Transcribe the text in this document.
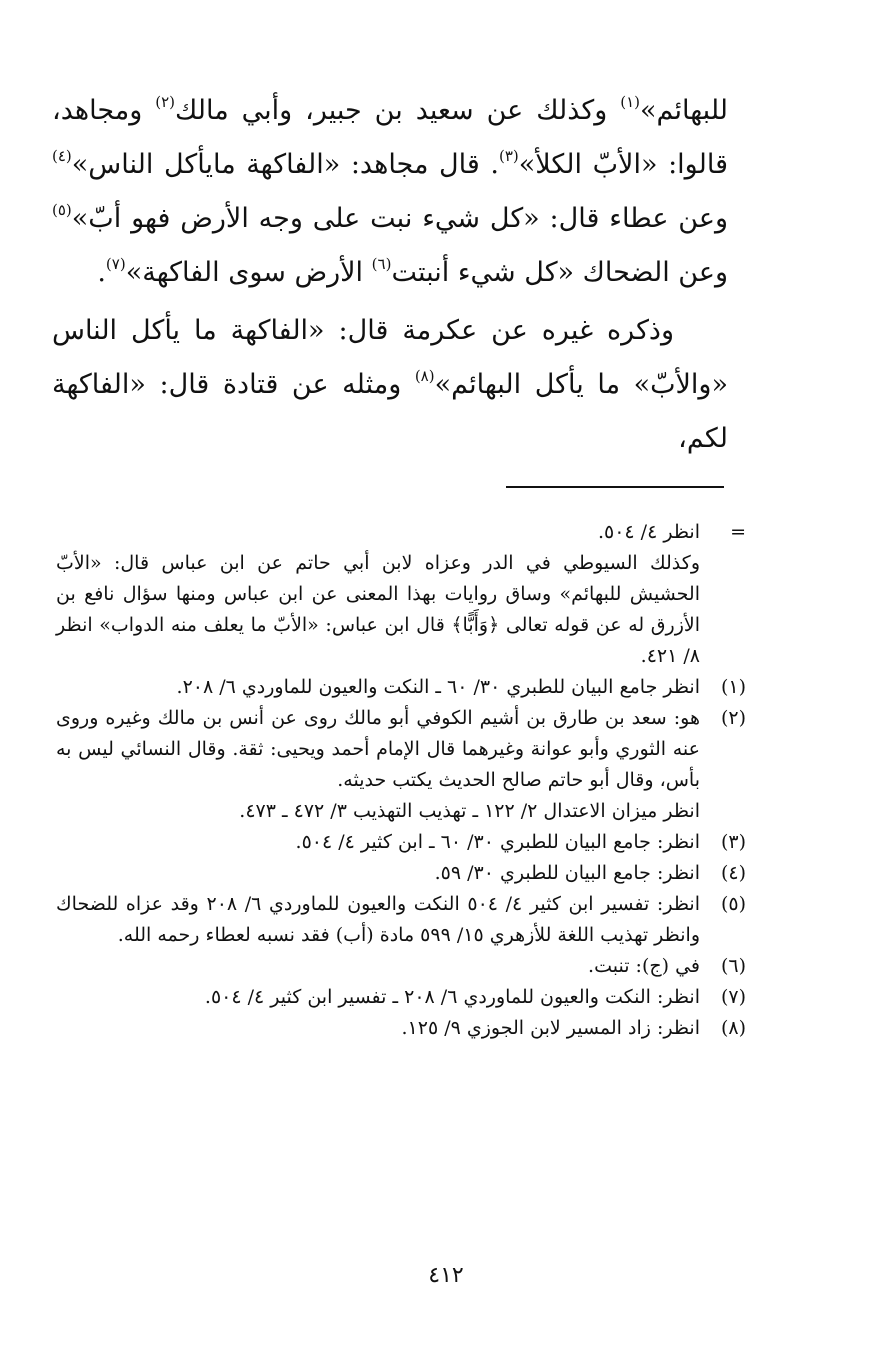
للبهائم»$^{(١)}$ وكذلك عن سعيد بن جبير، وأبي مالك$^{(٢)}$ ومجاهد، قالوا: «الأبّ الكلأ»$^{(٣)}$. قال مجاهد: «الفاكهة مايأكل الناس»$^{(٤)}$ وعن عطاء قال: «كل شيء نبت على وجه الأرض فهو أبّ»$^{(٥)}$ وعن الضحاك «كل شيء أنبتت$^{(٦)}$ الأرض سوى الفاكهة»$^{(٧)}$.

  وذكره غيره عن عكرمة قال: «الفاكهة ما يأكل الناس «والأبّ» ما يأكل البهائم»$^{(٨)}$ ومثله عن قتادة قال: «الفاكهة لكم،

=
انظر ٤/ ٥٠٤.
وكذلك السيوطي في الدر وعزاه لابن أبي حاتم عن ابن عباس قال: «الأبّ الحشيش للبهائم» وساق روايات بهذا المعنى عن ابن عباس ومنها سؤال نافع بن الأزرق له عن قوله تعالى ﴿وَأَبًّا﴾ قال ابن عباس: «الأبّ ما يعلف منه الدواب» انظر ٨/ ٤٢١.
(١)
انظر جامع البيان للطبري ٣٠/ ٦٠ ـ النكت والعيون للماوردي ٦/ ٢٠٨.
(٢)
هو: سعد بن طارق بن أشيم الكوفي أبو مالك روى عن أنس بن مالك وغيره وروى عنه الثوري وأبو عوانة وغيرهما قال الإمام أحمد ويحيى: ثقة. وقال النسائي ليس به بأس، وقال أبو حاتم صالح الحديث يكتب حديثه.
انظر ميزان الاعتدال ٢/ ١٢٢ ـ تهذيب التهذيب ٣/ ٤٧٢ ـ ٤٧٣.
(٣)
انظر: جامع البيان للطبري ٣٠/ ٦٠ ـ ابن كثير ٤/ ٥٠٤.
(٤)
انظر: جامع البيان للطبري ٣٠/ ٥٩.
(٥)
انظر: تفسير ابن كثير ٤/ ٥٠٤ النكت والعيون للماوردي ٦/ ٢٠٨ وقد عزاه للضحاك وانظر تهذيب اللغة للأزهري ١٥/ ٥٩٩ مادة (أب) فقد نسبه لعطاء رحمه الله.
(٦)
في (ج): تنبت.
(٧)
انظر: النكت والعيون للماوردي ٦/ ٢٠٨ ـ تفسير ابن كثير ٤/ ٥٠٤.
(٨)
انظر: زاد المسير لابن الجوزي ٩/ ١٢٥.
٤١٢
